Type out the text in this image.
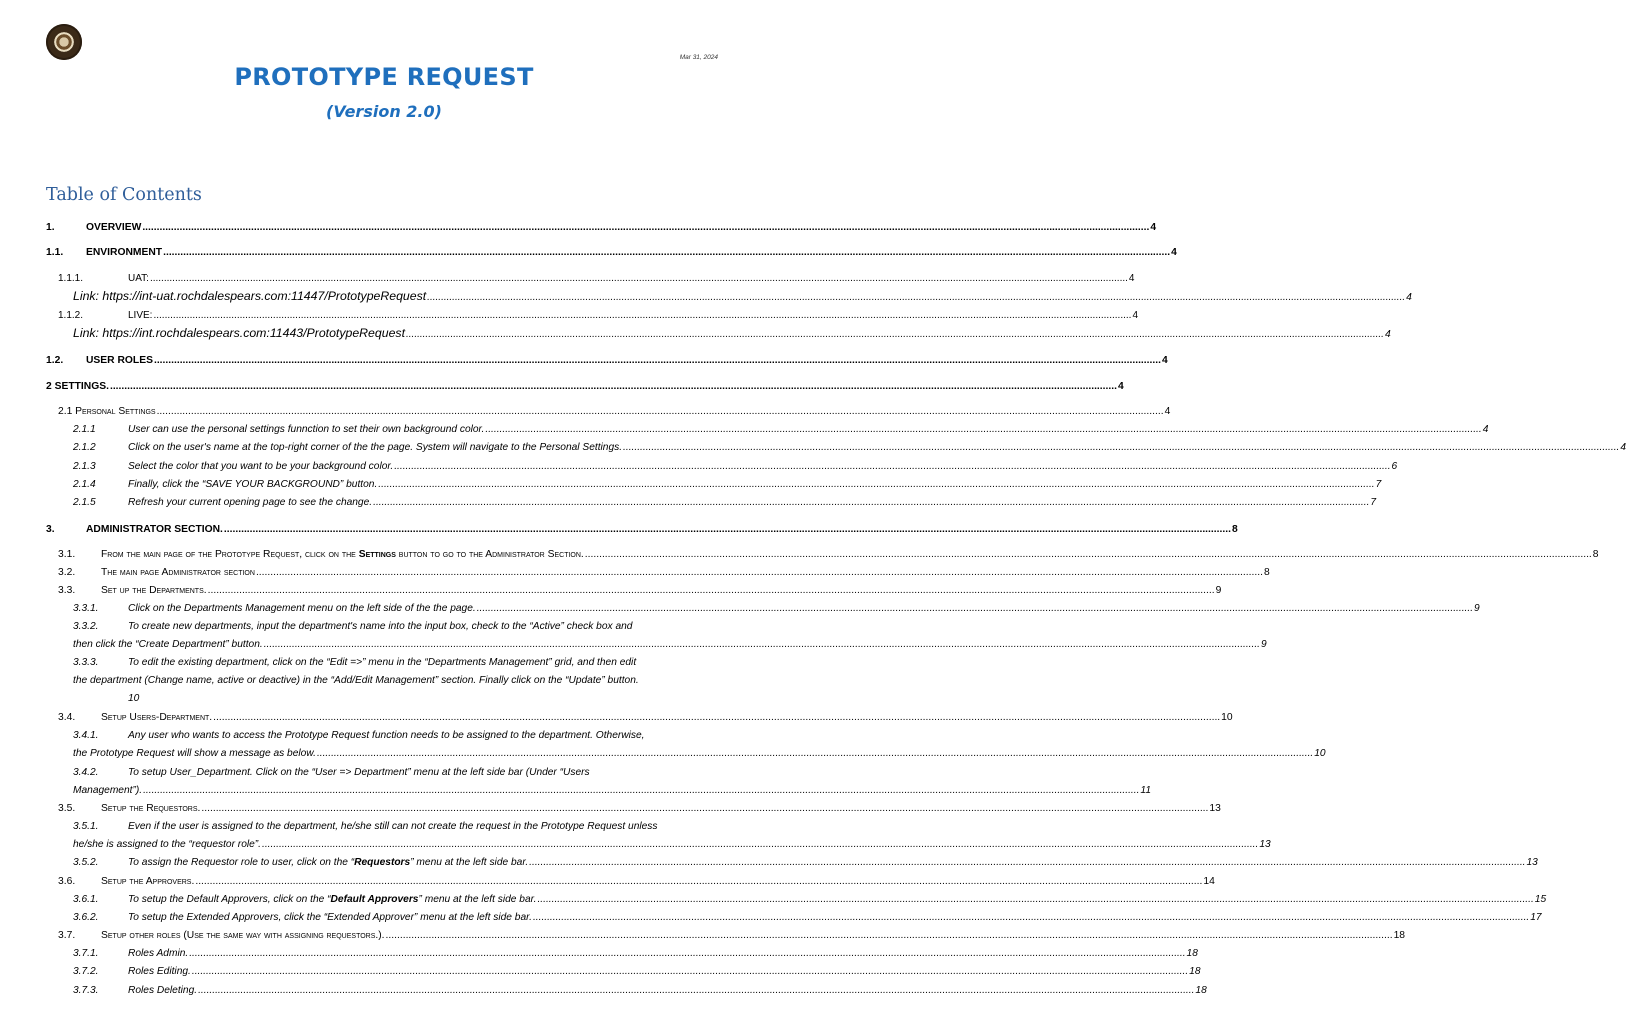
Mar 31, 2024
PROTOTYPE REQUEST
(Version 2.0)
Table of Contents
1.	OVERVIEW .....	4
1.1.	ENVIRONMENT .....	4
1.1.1.	UAT: .....	4
Link: https://int-uat.rochdalespears.com:11447/PrototypeRequest .....	4
1.1.2.	LIVE: .....	4
Link: https://int.rochdalespears.com:11443/PrototypeRequest .....	4
1.2.	USER ROLES .....	4
2 SETTINGS. .....	4
2.1 Personal Settings .....	4
2.1.1	User can use the personal settings funnction to set their own background color. .....	4
2.1.2	Click on the user's name at the top-right corner of the the page. System will navigate to the Personal Settings. .....	4
2.1.3	Select the color that you want to be your background color. .....	6
2.1.4	Finally, click the “SAVE YOUR BACKGROUND” button. .....	7
2.1.5	Refresh your current opening page to see the change. .....	7
3.	ADMINISTRATOR SECTION. .....	8
3.1.	From the main page of the Prototype Request, click on the Settings button to go to the Administrator Section. .....	8
3.2.	The main page Administrator section .....	8
3.3.	Set up the Departments. .....	9
3.3.1.	Click on the Departments Management menu on the left side of the the page. .....	9
3.3.2.	To create new departments, input the department's name into the input box, check to the “Active” check box and
then click the “Create Department” button. .....	9
3.3.3.	To edit the existing department, click on the “Edit =>” menu in the “Departments Management” grid, and then edit
the department (Change name, active or deactive) in the “Add/Edit Management” section. Finally click on the “Update” button.
10
3.4.	Setup Users-Department. .....	10
3.4.1.	Any user who wants to access the Prototype Request function needs to be assigned to the department. Otherwise,
the Prototype Request will show a message as below. .....	10
3.4.2.	To setup User_Department. Click on the “User => Department” menu at the left side bar (Under “Users
Management”). .....	11
3.5.	Setup the Requestors. .....	13
3.5.1.	Even if the user is assigned to the department, he/she still can not create the request in the Prototype Request unless
he/she is assigned to the “requestor role”. .....	13
3.5.2.	To assign the Requestor role to user, click on the “Requestors” menu at the left side bar. .....	13
3.6.	Setup the Approvers. .....	14
3.6.1.	To setup the Default Approvers, click on the “Default Approvers” menu at the left side bar. .....	15
3.6.2.	To setup the Extended Approvers, click the “Extended Approver” menu at the left side bar. .....	17
3.7.	Setup other roles (Use the same way with assigning requestors.). .....	18
3.7.1.	Roles Admin. .....	18
3.7.2.	Roles Editing. .....	18
3.7.3.	Roles Deleting. .....	18
